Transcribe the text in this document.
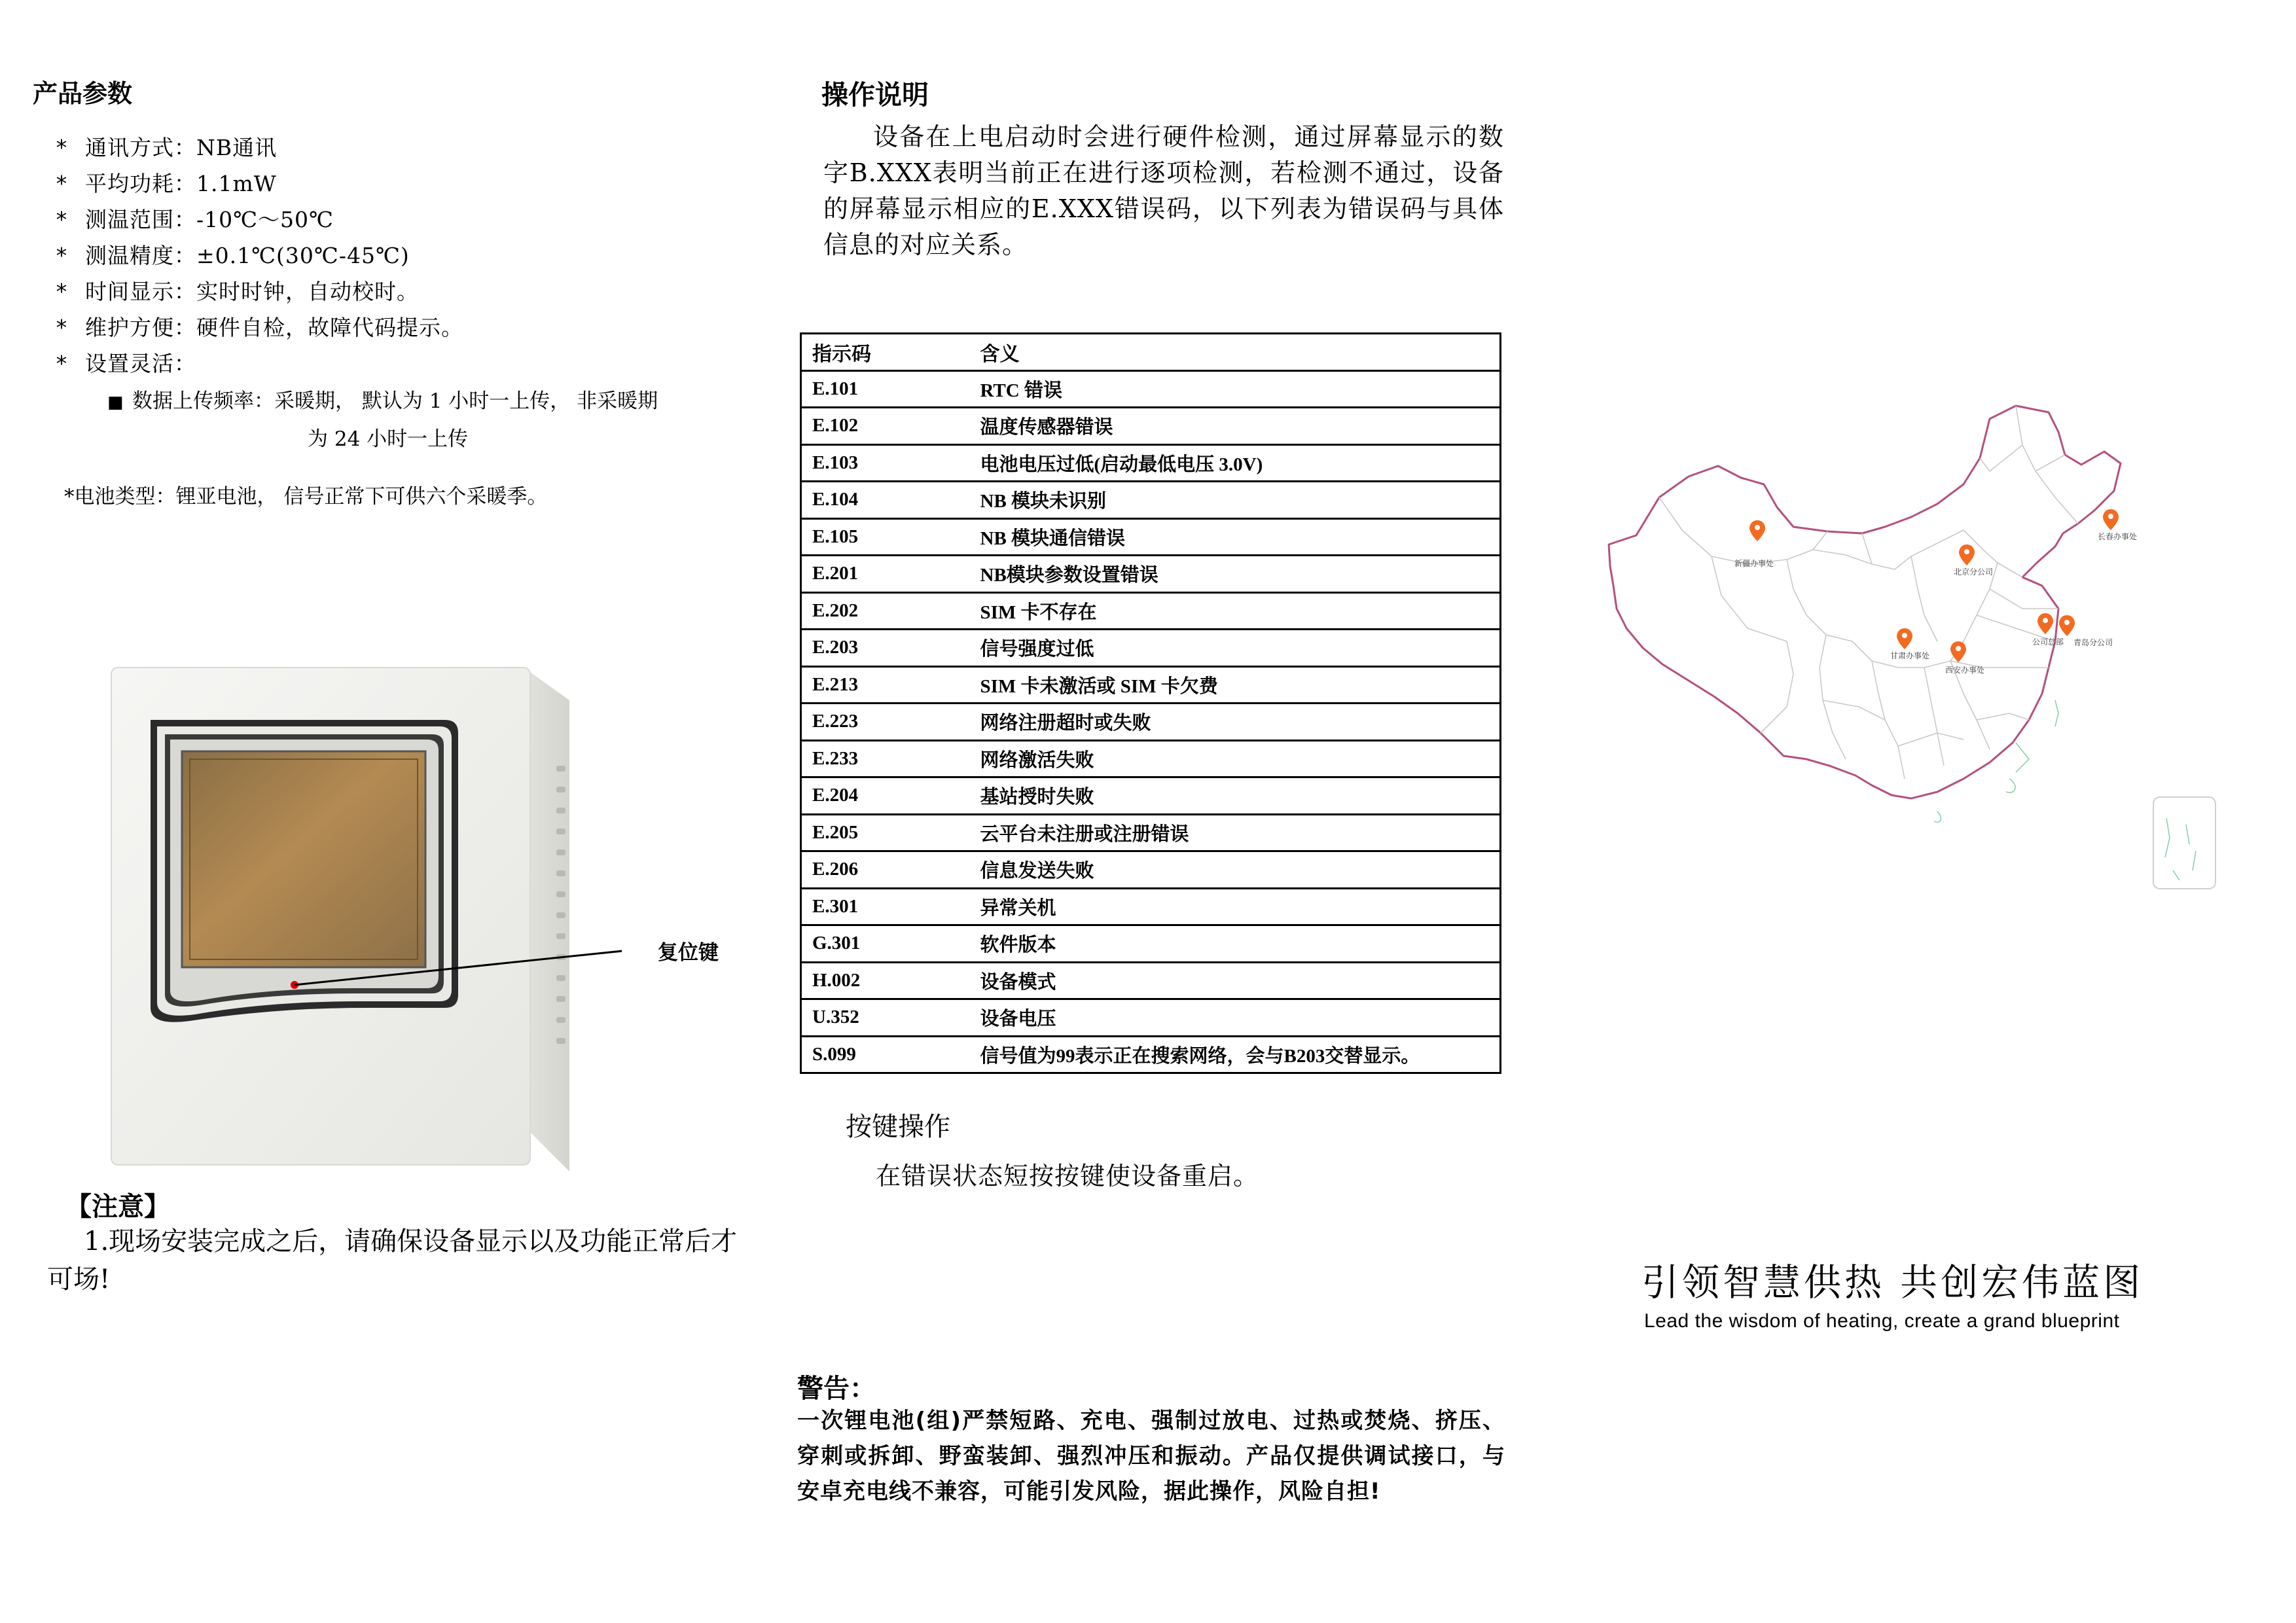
产品参数
* 通讯方式：NB通讯
* 平均功耗：1.1mW
* 测温范围：-10℃～50℃
* 测温精度：±0.1℃(30℃-45℃)
* 时间显示：实时时钟，自动校时。
* 维护方便：硬件自检，故障代码提示。
* 设置灵活：
■ 数据上传频率：采暖期， 默认为 1 小时一上传， 非采暖期
为 24 小时一上传
*电池类型：锂亚电池， 信号正常下可供六个采暖季。
复位键
【注意】
1.现场安装完成之后，请确保设备显示以及功能正常后才可场!
操作说明
设备在上电启动时会进行硬件检测，通过屏幕显示的数字B.XXX表明当前正在进行逐项检测，若检测不通过，设备的屏幕显示相应的E.XXX错误码，以下列表为错误码与具体信息的对应关系。
指示码	含义
E.101	RTC 错误
E.102	温度传感器错误
E.103	电池电压过低(启动最低电压 3.0V)
E.104	NB 模块未识别
E.105	NB 模块通信错误
E.201	NB模块参数设置错误
E.202	SIM 卡不存在
E.203	信号强度过低
E.213	SIM 卡未激活或 SIM 卡欠费
E.223	网络注册超时或失败
E.233	网络激活失败
E.204	基站授时失败
E.205	云平台未注册或注册错误
E.206	信息发送失败
E.301	异常关机
G.301	软件版本
H.002	设备模式
U.352	设备电压
S.099	信号值为99表示正在搜索网络，会与B203交替显示。
按键操作
在错误状态短按按键使设备重启。
警告：
一次锂电池(组)严禁短路、充电、强制过放电、过热或焚烧、挤压、穿刺或拆卸、野蛮装卸、强烈冲压和振动。产品仅提供调试接口，与安卓充电线不兼容，可能引发风险，据此操作，风险自担!
新疆办事处
北京分公司
长春办事处
甘肃办事处
西安办事处
公司总部 青岛分公司
引领智慧供热 共创宏伟蓝图
Lead the wisdom of heating, create a grand blueprint
